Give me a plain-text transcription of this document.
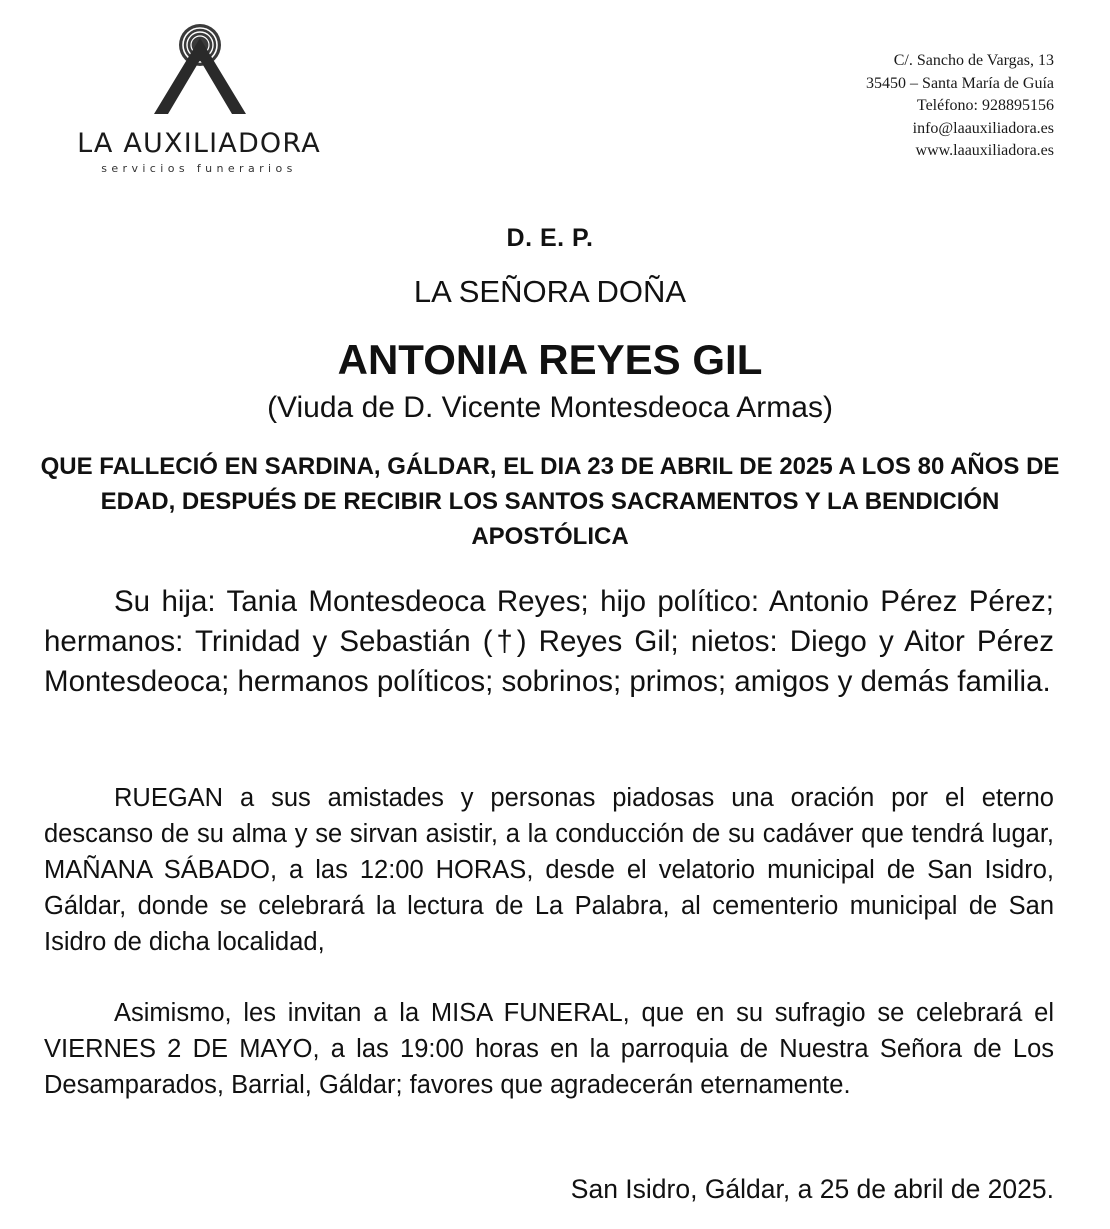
LA AUXILIADORA
servicios funerarios
C/. Sancho de Vargas, 13
35450 – Santa María de Guía
Teléfono: 928895156
info@laauxiliadora.es
www.laauxiliadora.es
D. E. P.
LA SEÑORA DOÑA
ANTONIA REYES GIL
(Viuda de D. Vicente Montesdeoca Armas)
QUE FALLECIÓ EN SARDINA, GÁLDAR, EL DIA 23 DE ABRIL DE 2025 A LOS 80 AÑOS DE EDAD, DESPUÉS DE RECIBIR LOS SANTOS SACRAMENTOS Y LA BENDICIÓN APOSTÓLICA

Su hija: Tania Montesdeoca Reyes; hijo político: Antonio Pérez Pérez; hermanos: Trinidad y Sebastián (†) Reyes Gil; nietos: Diego y Aitor Pérez Montesdeoca; hermanos políticos; sobrinos; primos; amigos y demás familia.

RUEGAN a sus amistades y personas piadosas una oración por el eterno descanso de su alma y se sirvan asistir, a la conducción de su cadáver que tendrá lugar, MAÑANA SÁBADO, a las 12:00 HORAS, desde el velatorio municipal de San Isidro, Gáldar, donde se celebrará la lectura de La Palabra, al cementerio municipal de San Isidro de dicha localidad,

Asimismo, les invitan a la MISA FUNERAL, que en su sufragio se celebrará el VIERNES 2 DE MAYO, a las 19:00 horas en la parroquia de Nuestra Señora de Los Desamparados, Barrial, Gáldar; favores que agradecerán eternamente.

San Isidro, Gáldar, a 25 de abril de 2025.
